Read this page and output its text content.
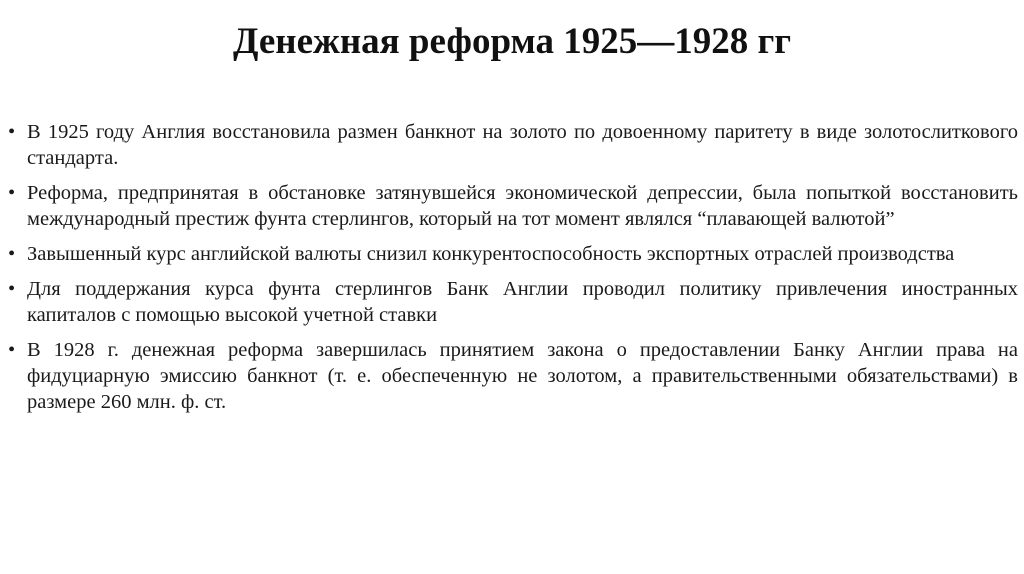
Денежная реформа 1925—1928 гг
• В 1925 году Англия восстановила размен банкнот на золото по довоенному паритету в виде золотослиткового стандарта.
• Реформа, предпринятая в обстановке затянувшейся экономической депрессии, была попыткой восстановить международный престиж фунта стерлингов, который на тот момент являлся “плавающей валютой”
• Завышенный курс английской валюты снизил конкурентоспособность экспортных отраслей производства
• Для поддержания курса фунта стерлингов Банк Англии проводил политику привлечения иностранных капиталов с помощью высокой учетной ставки
• В 1928 г. денежная реформа завершилась принятием закона о предоставлении Банку Англии права на фидуциарную эмиссию банкнот (т. е. обеспеченную не золотом, а правительственными обязательствами) в размере 260 млн. ф. ст.
